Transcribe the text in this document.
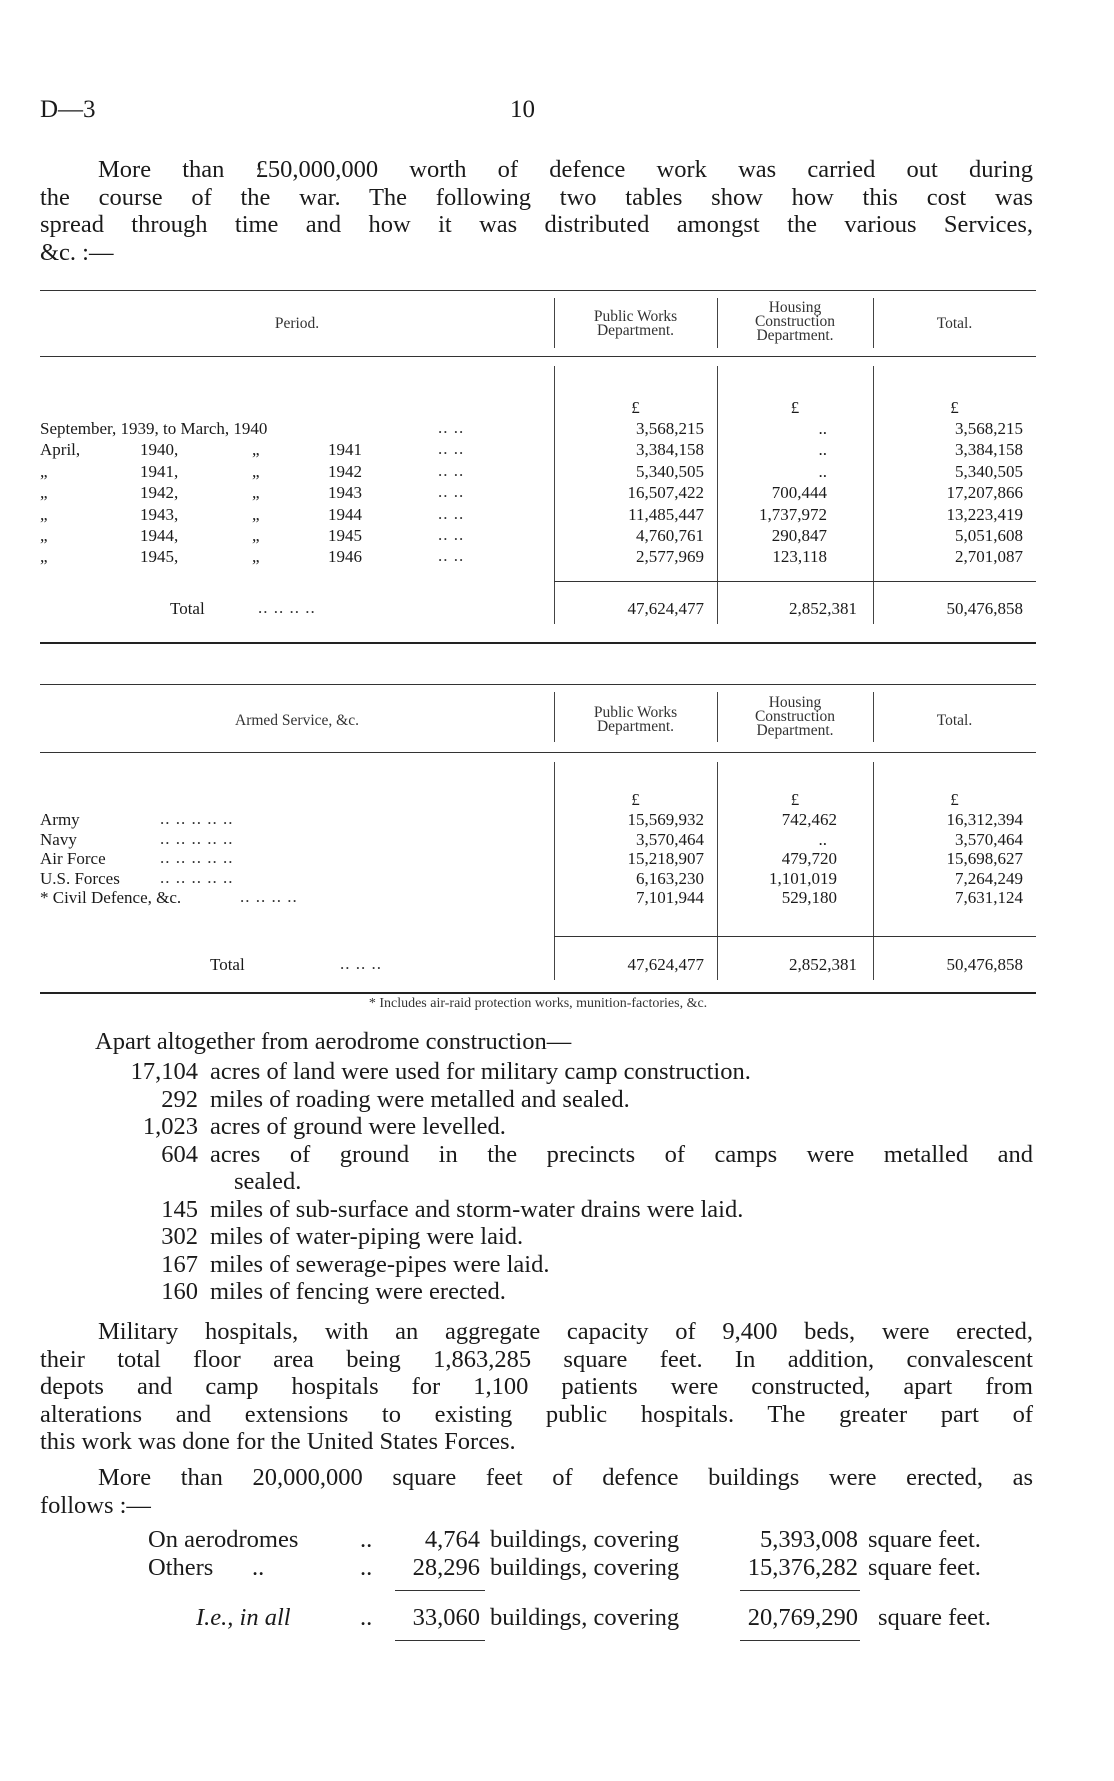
D—3	10
More than £50,000,000 worth of defence work was carried out during
the course of the war. The following two tables show how this cost was
spread through time and how it was distributed amongst the various Services,
&c. :—
Period.	Public Works
Department.
Housing
Construction
Department.
Total.
£	£	£
September, 1939, to March, 1940	.. ..	3,568,215	..	3,568,215
April,	1940,	„	1941	.. ..	3,384,158	..	3,384,158
„	1941,	„	1942	.. ..	5,340,505	..	5,340,505
„	1942,	„	1943	.. ..	16,507,422	700,444	17,207,866
„	1943,	„	1944	.. ..	11,485,447	1,737,972	13,223,419
„	1944,	„	1945	.. ..	4,760,761	290,847	5,051,608
„	1945,	„	1946	.. ..	2,577,969	123,118	2,701,087
Total	.. .. .. ..	47,624,477	2,852,381	50,476,858
Armed Service, &c.	Public Works
Department.
Housing
Construction
Department.
Total.
£	£	£
Army	.. .. .. .. ..	15,569,932	742,462	16,312,394
Navy	.. .. .. .. ..	3,570,464	..	3,570,464
Air Force	.. .. .. .. ..	15,218,907	479,720	15,698,627
U.S. Forces .. .. .. .. ..	6,163,230	1,101,019	7,264,249
* Civil Defence, &c.	.. .. .. ..	7,101,944	529,180	7,631,124
Total	.. .. ..	47,624,477	2,852,381	50,476,858
* Includes air-raid protection works, munition-factories, &c.
Apart altogether from aerodrome construction—
17,104 acres of land were used for military camp construction.
292 miles of roading were metalled and sealed.
1,023 acres of ground were levelled.
604 acres of ground in the precincts of camps were metalled and
sealed.
145 miles of sub-surface and storm-water drains were laid.
302 miles of water-piping were laid.
167 miles of sewerage-pipes were laid.
160 miles of fencing were erected.
Military hospitals, with an aggregate capacity of 9,400 beds, were erected,
their total floor area being 1,863,285 square feet. In addition, convalescent
depots and camp hospitals for 1,100 patients were constructed, apart from
alterations and extensions to existing public hospitals. The greater part of
this work was done for the United States Forces.
More than 20,000,000 square feet of defence buildings were erected, as
follows :—
On aerodromes	..	4,764 buildings, covering	5,393,008 square feet.
Others ..	..	28,296 buildings, covering	15,376,282 square feet.
I.e., in all	..	33,060 buildings, covering	20,769,290 square feet.
